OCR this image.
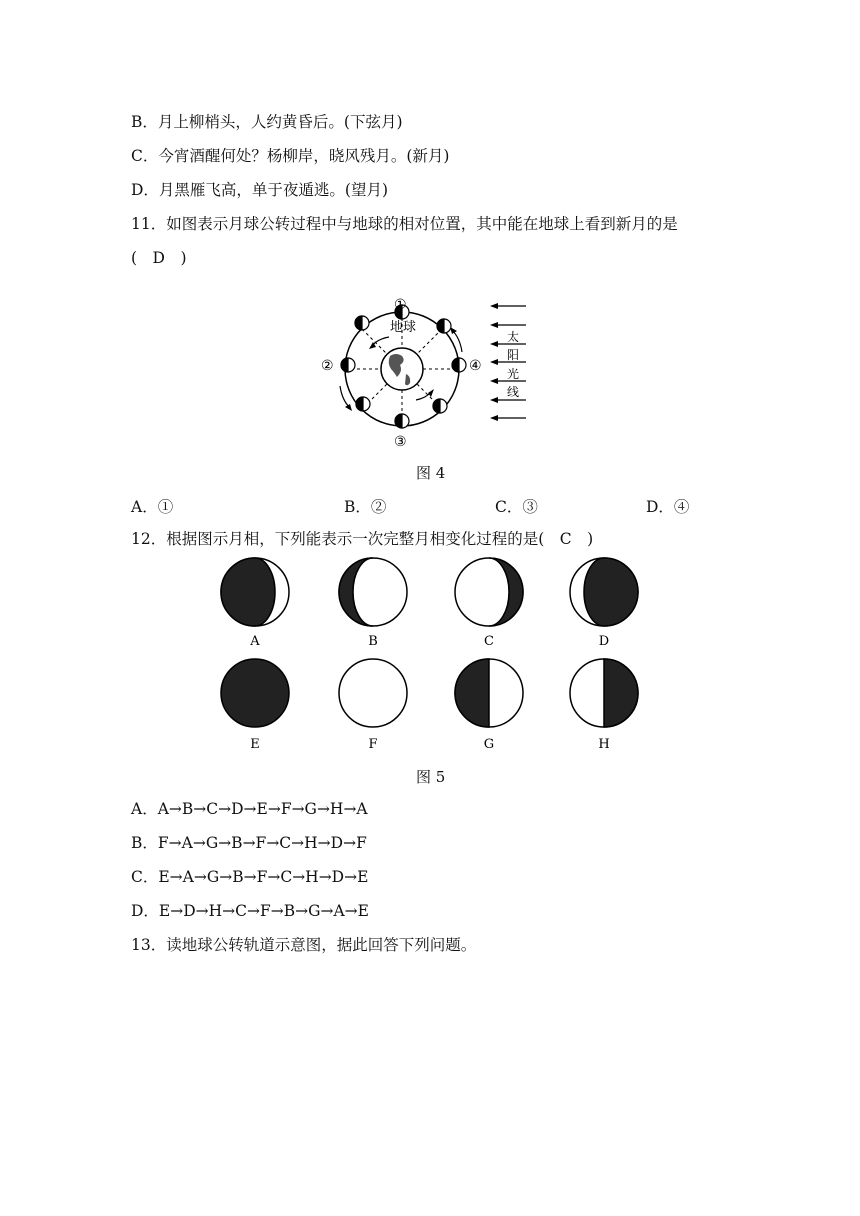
B．月上柳梢头，人约黄昏后。(下弦月)
C．今宵酒醒何处？杨柳岸，晓风残月。(新月)
D．月黑雁飞高，单于夜遁逃。(望月)
11．如图表示月球公转过程中与地球的相对位置，其中能在地球上看到新月的是
(　D　)
地球
①
②
③
④
太
阳
光
线
图 4
A．①	B．②	C．③	D．④
12．根据图示月相，下列能表示一次完整月相变化过程的是(　C　)
A	B	C	D
E	F	G	H
图 5
A．A→B→C→D→E→F→G→H→A
B．F→A→G→B→F→C→H→D→F
C．E→A→G→B→F→C→H→D→E
D．E→D→H→C→F→B→G→A→E
13．读地球公转轨道示意图，据此回答下列问题。
